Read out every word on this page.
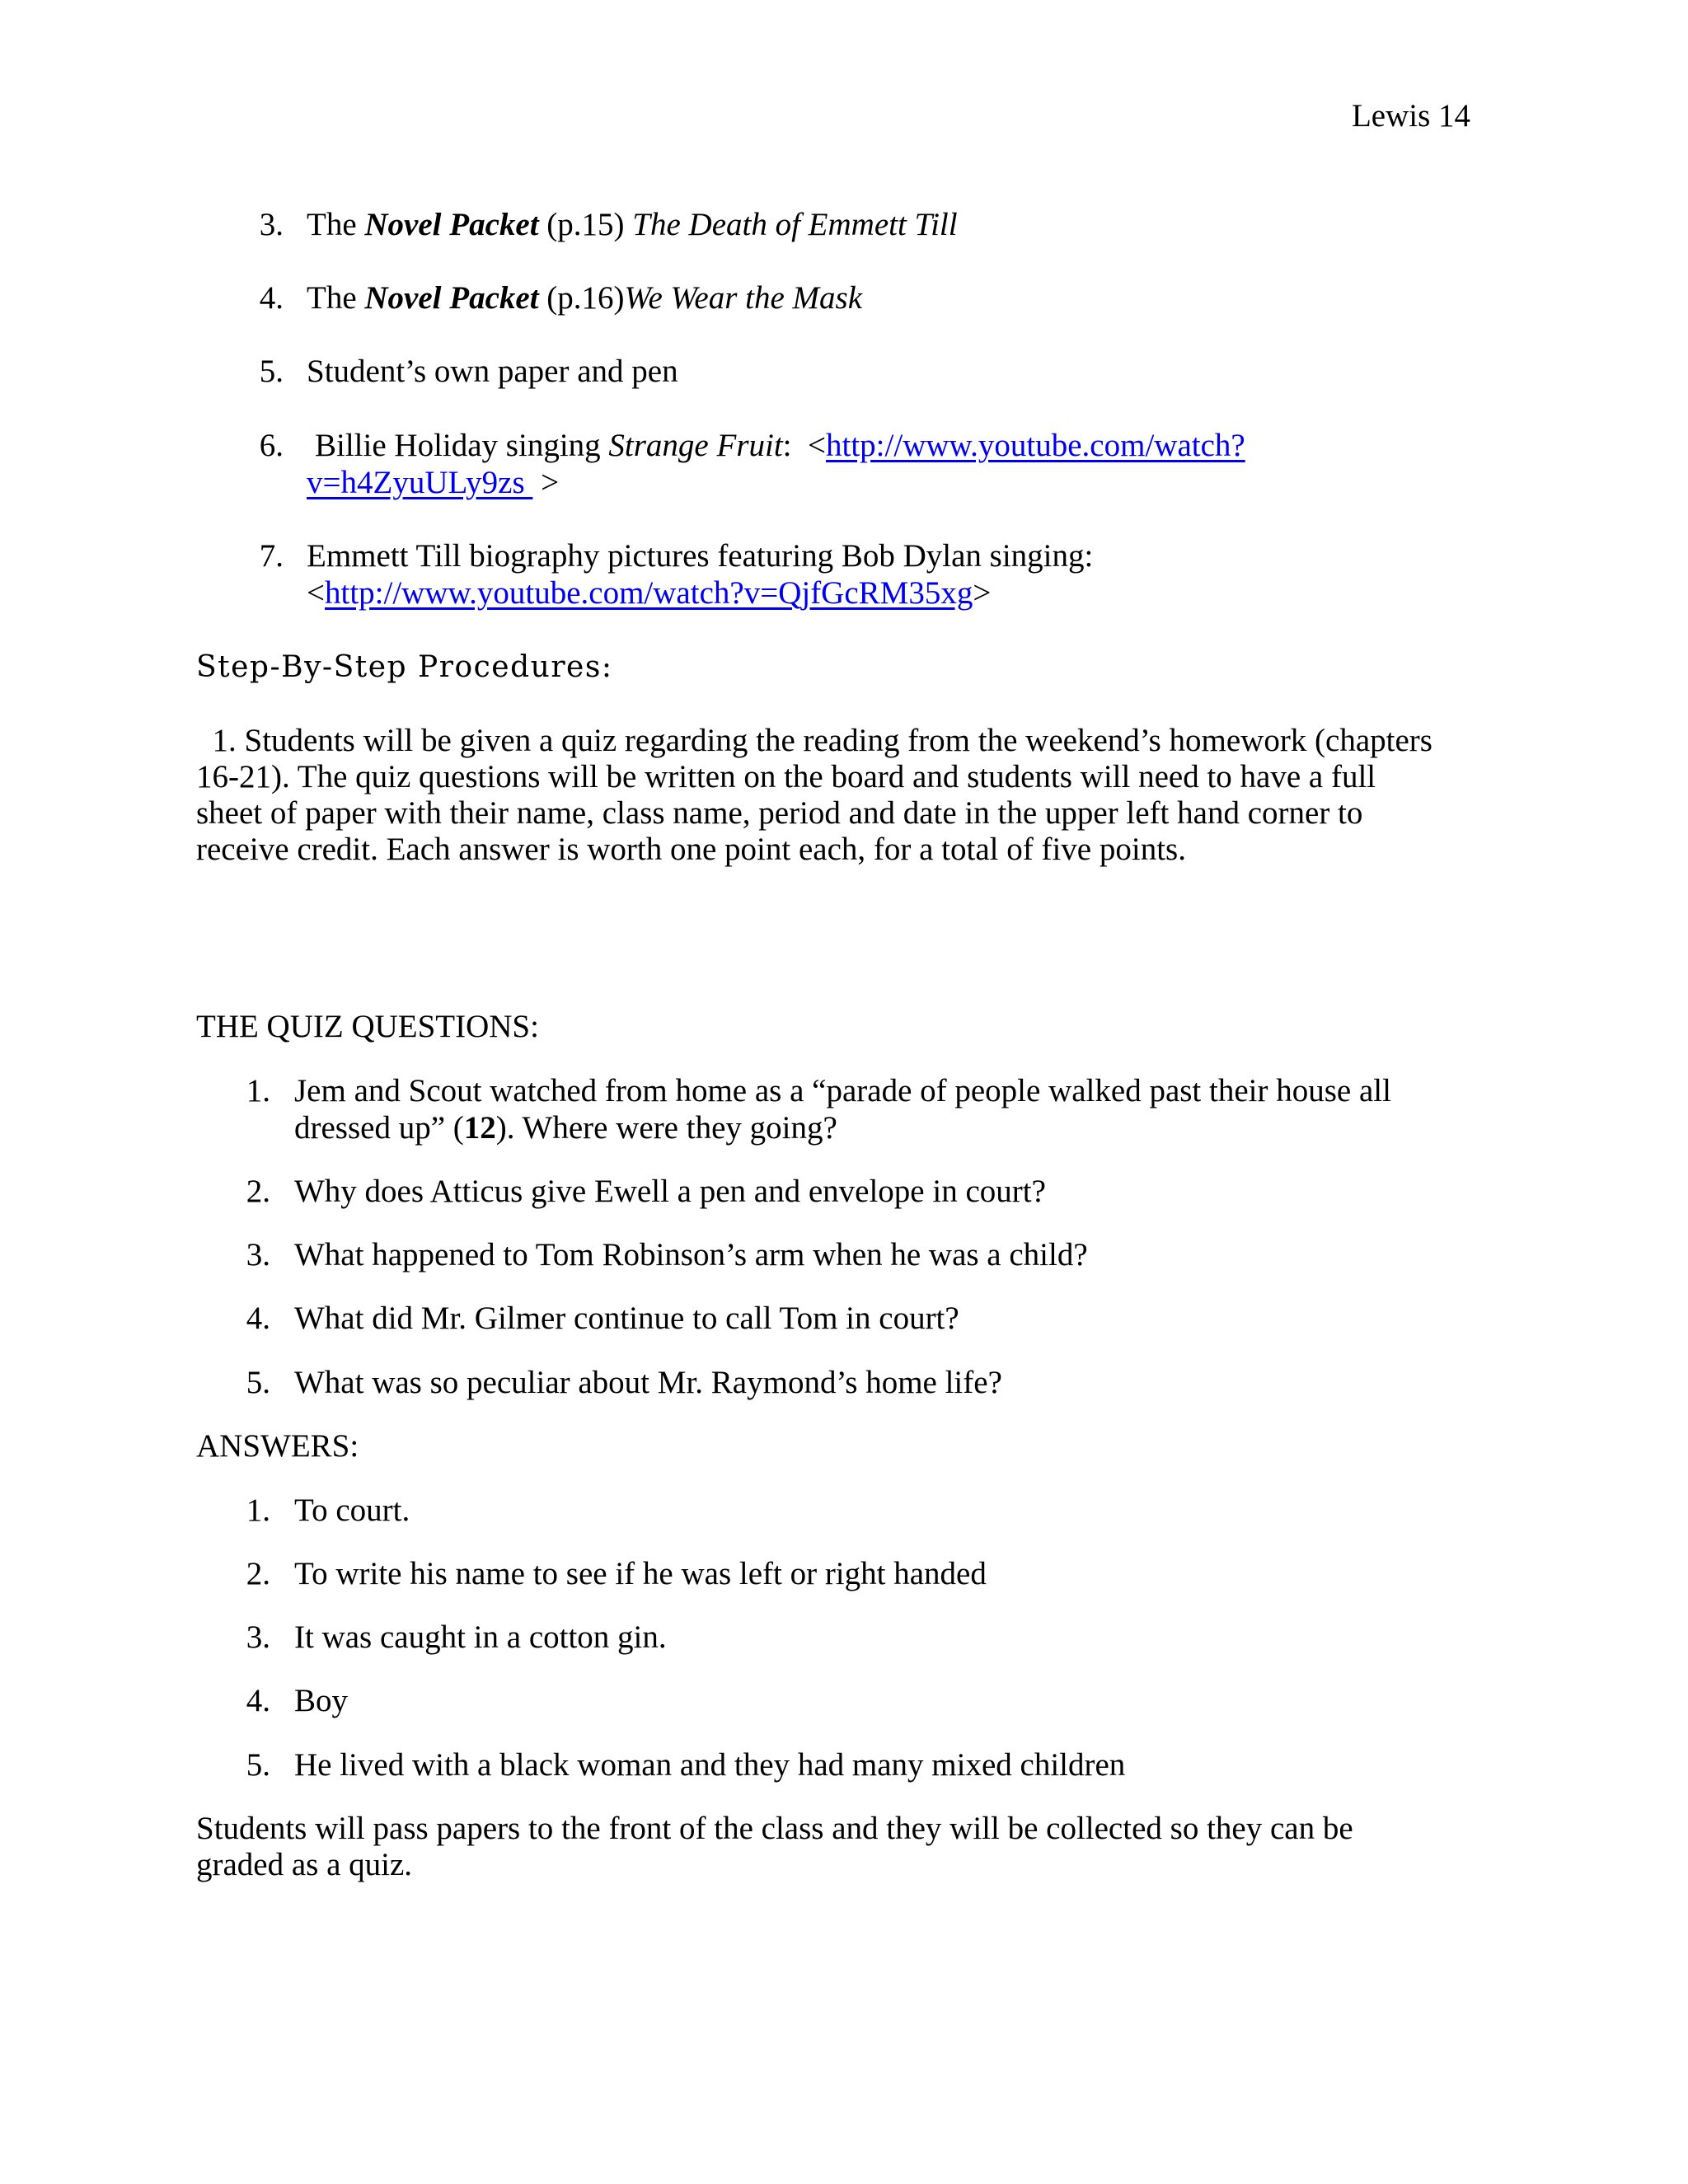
Lewis 14
3. The Novel Packet (p.15) The Death of Emmett Till
4. The Novel Packet (p.16)We Wear the Mask
5. Student’s own paper and pen
6. Billie Holiday singing Strange Fruit:  <http://www.youtube.com/watch?
v=h4ZyuULy9zs  >
7. Emmett Till biography pictures featuring Bob Dylan singing:
<http://www.youtube.com/watch?v=QjfGcRM35xg>
Step-By-Step Procedures:
1. Students will be given a quiz regarding the reading from the weekend’s homework (chapters
16-21). The quiz questions will be written on the board and students will need to have a full
sheet of paper with their name, class name, period and date in the upper left hand corner to
receive credit. Each answer is worth one point each, for a total of five points.
THE QUIZ QUESTIONS:
1. Jem and Scout watched from home as a “parade of people walked past their house all
dressed up” (12). Where were they going?
2. Why does Atticus give Ewell a pen and envelope in court?
3. What happened to Tom Robinson’s arm when he was a child?
4. What did Mr. Gilmer continue to call Tom in court?
5. What was so peculiar about Mr. Raymond’s home life?
ANSWERS:
1. To court.
2. To write his name to see if he was left or right handed
3. It was caught in a cotton gin.
4. Boy
5. He lived with a black woman and they had many mixed children
Students will pass papers to the front of the class and they will be collected so they can be
graded as a quiz.
